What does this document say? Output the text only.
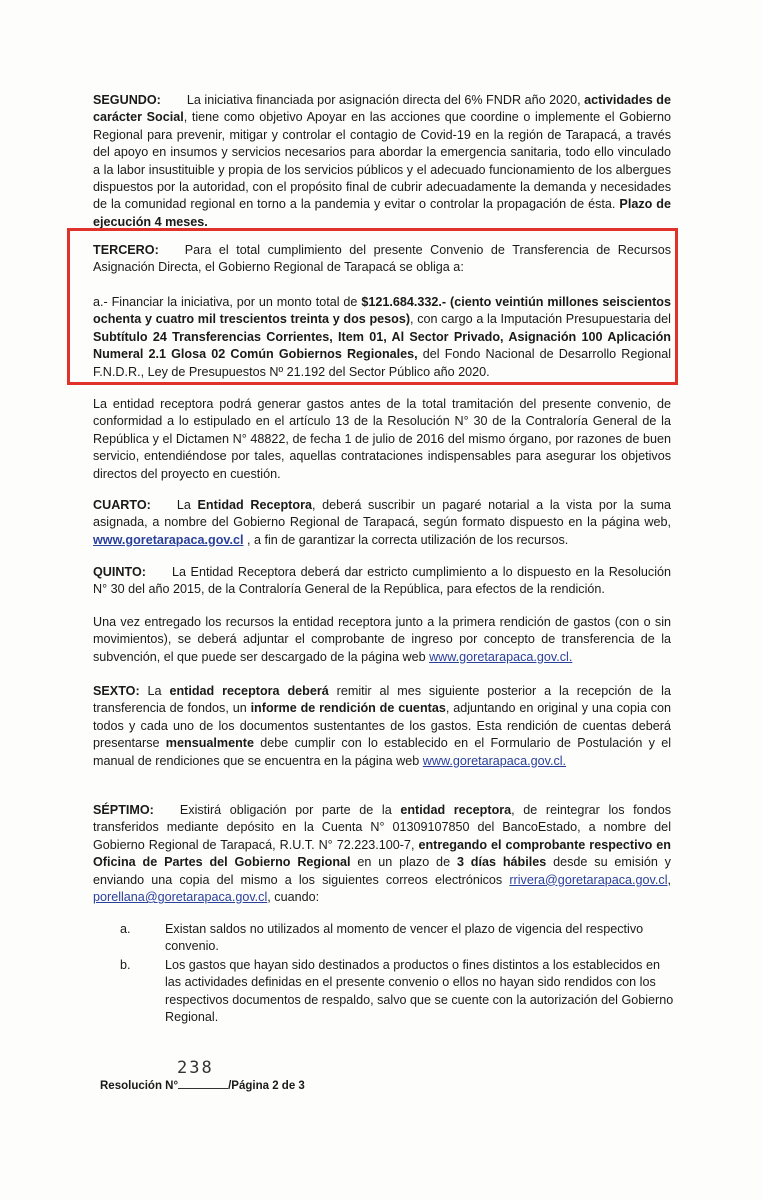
SEGUNDO: La iniciativa financiada por asignación directa del 6% FNDR año 2020, actividades de carácter Social, tiene como objetivo Apoyar en las acciones que coordine o implemente el Gobierno Regional para prevenir, mitigar y controlar el contagio de Covid-19 en la región de Tarapacá, a través del apoyo en insumos y servicios necesarios para abordar la emergencia sanitaria, todo ello vinculado a la labor insustituible y propia de los servicios públicos y el adecuado funcionamiento de los albergues dispuestos por la autoridad, con el propósito final de cubrir adecuadamente la demanda y necesidades de la comunidad regional en torno a la pandemia y evitar o controlar la propagación de ésta. Plazo de ejecución 4 meses.

TERCERO: Para el total cumplimiento del presente Convenio de Transferencia de Recursos Asignación Directa, el Gobierno Regional de Tarapacá se obliga a:

a.- Financiar la iniciativa, por un monto total de $121.684.332.- (ciento veintiún millones seiscientos ochenta y cuatro mil trescientos treinta y dos pesos), con cargo a la Imputación Presupuestaria del Subtítulo 24 Transferencias Corrientes, Item 01, Al Sector Privado, Asignación 100 Aplicación Numeral 2.1 Glosa 02 Común Gobiernos Regionales, del Fondo Nacional de Desarrollo Regional F.N.D.R., Ley de Presupuestos Nº 21.192 del Sector Público año 2020.

La entidad receptora podrá generar gastos antes de la total tramitación del presente convenio, de conformidad a lo estipulado en el artículo 13 de la Resolución N° 30 de la Contraloría General de la República y el Dictamen N° 48822, de fecha 1 de julio de 2016 del mismo órgano, por razones de buen servicio, entendiéndose por tales, aquellas contrataciones indispensables para asegurar los objetivos directos del proyecto en cuestión.

CUARTO: La Entidad Receptora, deberá suscribir un pagaré notarial a la vista por la suma asignada, a nombre del Gobierno Regional de Tarapacá, según formato dispuesto en la página web, www.goretarapaca.gov.cl , a fin de garantizar la correcta utilización de los recursos.

QUINTO: La Entidad Receptora deberá dar estricto cumplimiento a lo dispuesto en la Resolución N° 30 del año 2015, de la Contraloría General de la República, para efectos de la rendición.

Una vez entregado los recursos la entidad receptora junto a la primera rendición de gastos (con o sin movimientos), se deberá adjuntar el comprobante de ingreso por concepto de transferencia de la subvención, el que puede ser descargado de la página web www.goretarapaca.gov.cl.

SEXTO: La entidad receptora deberá remitir al mes siguiente posterior a la recepción de la transferencia de fondos, un informe de rendición de cuentas, adjuntando en original y una copia con todos y cada uno de los documentos sustentantes de los gastos. Esta rendición de cuentas deberá presentarse mensualmente debe cumplir con lo establecido en el Formulario de Postulación y el manual de rendiciones que se encuentra en la página web www.goretarapaca.gov.cl.

SÉPTIMO: Existirá obligación por parte de la entidad receptora, de reintegrar los fondos transferidos mediante depósito en la Cuenta N° 01309107850 del BancoEstado, a nombre del Gobierno Regional de Tarapacá, R.U.T. N° 72.223.100-7, entregando el comprobante respectivo en Oficina de Partes del Gobierno Regional en un plazo de 3 días hábiles desde su emisión y enviando una copia del mismo a los siguientes correos electrónicos rrivera@goretarapaca.gov.cl, porellana@goretarapaca.gov.cl, cuando:

a.	Existan saldos no utilizados al momento de vencer el plazo de vigencia del respectivo convenio.

b.	Los gastos que hayan sido destinados a productos o fines distintos a los establecidos en las actividades definidas en el presente convenio o ellos no hayan sido rendidos con los respectivos documentos de respaldo, salvo que se cuente con la autorización del Gobierno Regional.

238
Resolución N°	/Página 2 de 3
